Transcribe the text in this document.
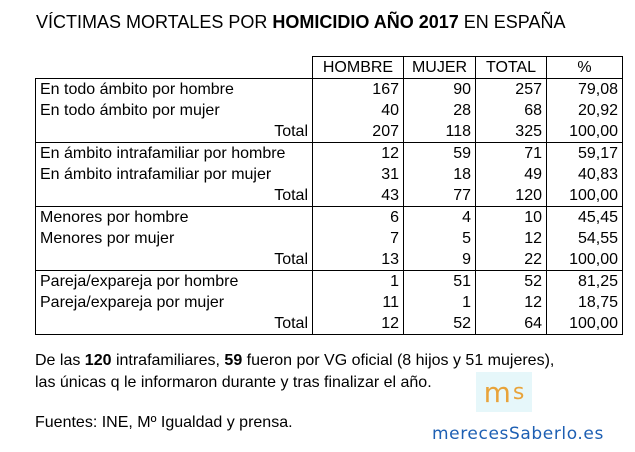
VÍCTIMAS MORTALES POR HOMICIDIO AÑO 2017 EN ESPAÑA
	HOMBRE	MUJER	TOTAL	%
En todo ámbito por hombre	167	90	257	79,08
En todo ámbito por mujer	40	28	68	20,92
Total	207	118	325	100,00
En ámbito intrafamiliar por hombre	12	59	71	59,17
En ámbito intrafamiliar por mujer	31	18	49	40,83
Total	43	77	120	100,00
Menores por hombre	6	4	10	45,45
Menores por mujer	7	5	12	54,55
Total	13	9	22	100,00
Pareja/expareja por hombre	1	51	52	81,25
Pareja/expareja por mujer	11	1	12	18,75
Total	12	52	64	100,00
De las 120 intrafamiliares, 59 fueron por VG oficial (8 hijos y 51 mujeres),
las únicas q le informaron durante y tras finalizar el año.
Fuentes: INE, Mº Igualdad y prensa.
m s
merecesSaberlo.es
